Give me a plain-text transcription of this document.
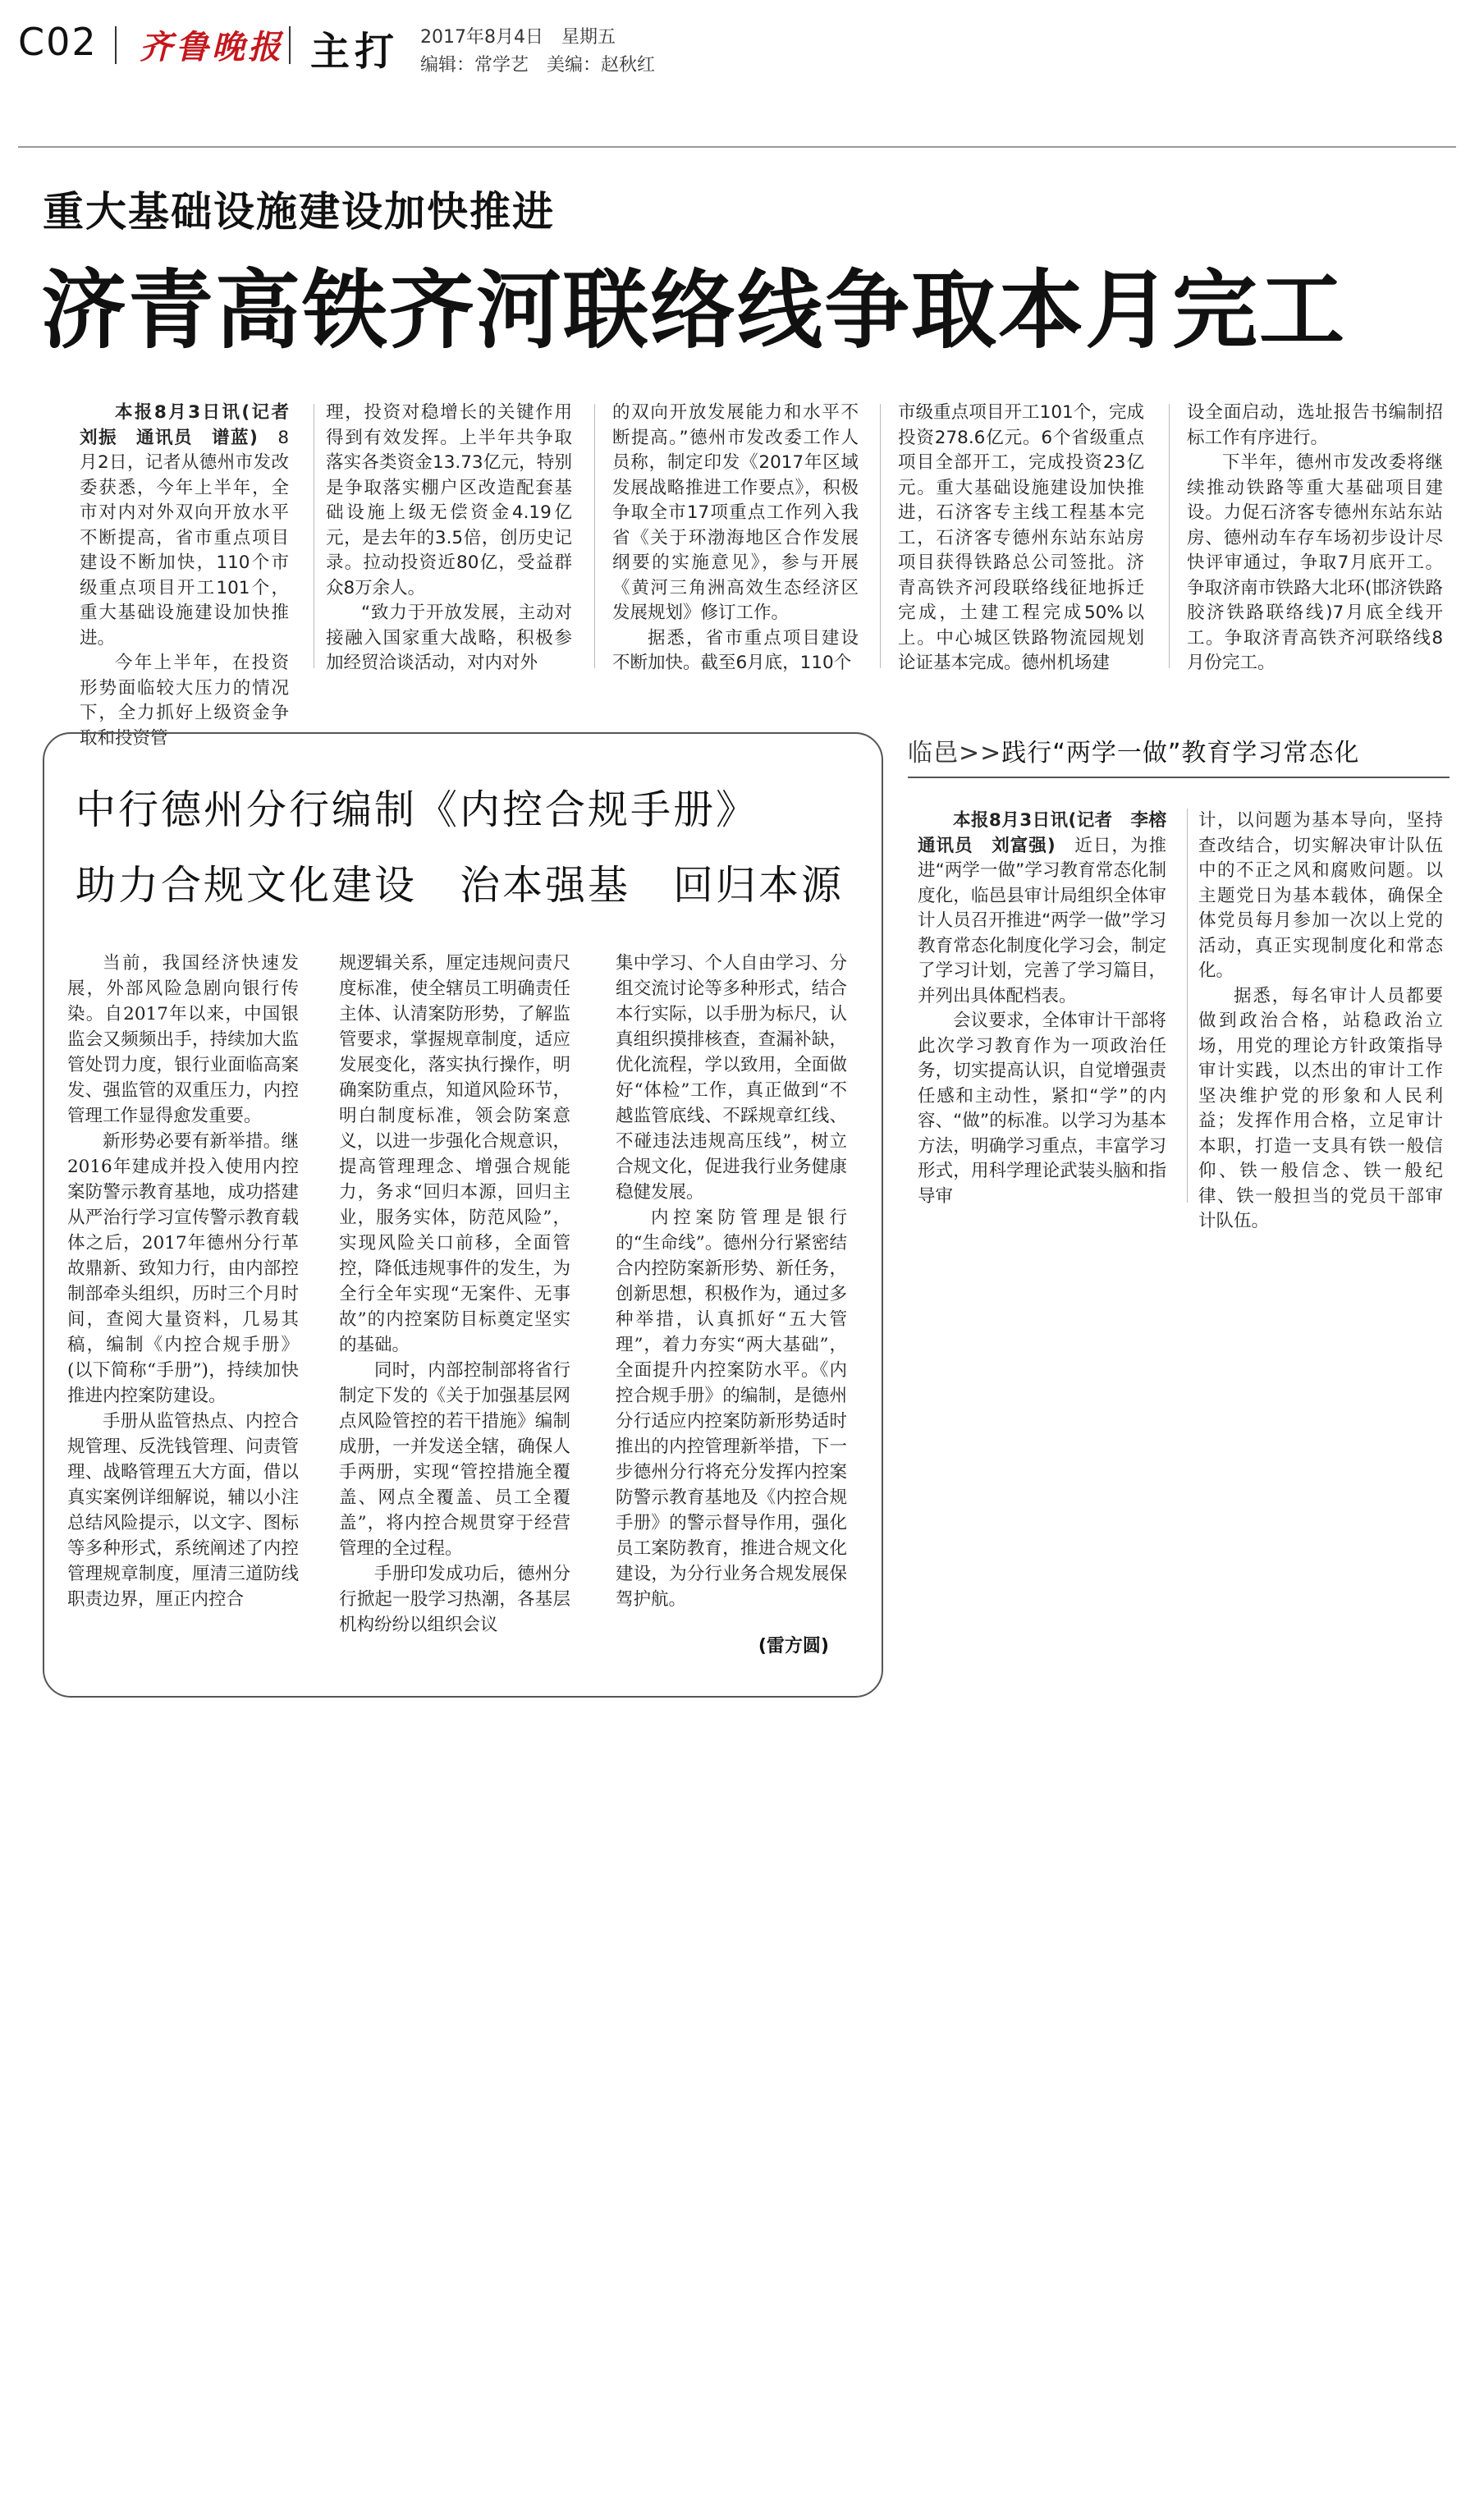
C02 齐鲁晚报 主打 2017年8月4日　星期五
编辑：常学艺　美编：赵秋红
重大基础设施建设加快推进
济青高铁齐河联络线争取本月完工

本报8月3日讯(记者　刘振　通讯员　谱蓝)　 8月2日，记者从德州市发改委获悉，今年上半年，全市对内对外双向开放水平不断提高，省市重点项目建设不断加快，110个市级重点项目开工101个，重大基础设施建设加快推进。

今年上半年，在投资形势面临较大压力的情况下，全力抓好上级资金争取和投资管

理，投资对稳增长的关键作用得到有效发挥。上半年共争取落实各类资金13.73亿元，特别是争取落实棚户区改造配套基础设施上级无偿资金4.19亿元，是去年的3.5倍，创历史记录。拉动投资近80亿，受益群众8万余人。

“致力于开放发展，主动对接融入国家重大战略，积极参加经贸洽谈活动，对内对外

的双向开放发展能力和水平不断提高。”德州市发改委工作人员称，制定印发《2017年区域发展战略推进工作要点》，积极争取全市17项重点工作列入我省《关于环渤海地区合作发展纲要的实施意见》，参与开展《黄河三角洲高效生态经济区发展规划》修订工作。

据悉，省市重点项目建设不断加快。截至6月底，110个

市级重点项目开工101个，完成投资278.6亿元。6个省级重点项目全部开工，完成投资23亿元。重大基础设施建设加快推进，石济客专主线工程基本完工，石济客专德州东站东站房项目获得铁路总公司签批。济青高铁齐河段联络线征地拆迁完成，土建工程完成50%以上。中心城区铁路物流园规划论证基本完成。德州机场建

设全面启动，选址报告书编制招标工作有序进行。

下半年，德州市发改委将继续推动铁路等重大基础项目建设。力促石济客专德州东站东站房、德州动车存车场初步设计尽快评审通过，争取7月底开工。争取济南市铁路大北环(邯济铁路胶济铁路联络线)7月底全线开工。争取济青高铁齐河联络线8月份完工。

中行德州分行编制《内控合规手册》
助力合规文化建设　治本强基　回归本源

当前，我国经济快速发展，外部风险急剧向银行传染。自2017年以来，中国银监会又频频出手，持续加大监管处罚力度，银行业面临高案发、强监管的双重压力，内控管理工作显得愈发重要。

新形势必要有新举措。继2016年建成并投入使用内控案防警示教育基地，成功搭建从严治行学习宣传警示教育载体之后，2017年德州分行革故鼎新、致知力行，由内部控制部牵头组织，历时三个月时间，查阅大量资料，几易其稿，编制《内控合规手册》(以下简称“手册”)，持续加快推进内控案防建设。

手册从监管热点、内控合规管理、反洗钱管理、问责管理、战略管理五大方面，借以真实案例详细解说，辅以小注总结风险提示，以文字、图标等多种形式，系统阐述了内控管理规章制度，厘清三道防线职责边界，厘正内控合

规逻辑关系，厘定违规问责尺度标准，使全辖员工明确责任主体、认清案防形势，了解监管要求，掌握规章制度，适应发展变化，落实执行操作，明确案防重点，知道风险环节，明白制度标准，领会防案意义，以进一步强化合规意识，提高管理理念、增强合规能力，务求“回归本源，回归主业，服务实体，防范风险”，实现风险关口前移，全面管控，降低违规事件的发生，为全行全年实现“无案件、无事故”的内控案防目标奠定坚实的基础。

同时，内部控制部将省行制定下发的《关于加强基层网点风险管控的若干措施》编制成册，一并发送全辖，确保人手两册，实现“管控措施全覆盖、网点全覆盖、员工全覆盖”，将内控合规贯穿于经营管理的全过程。

手册印发成功后，德州分行掀起一股学习热潮，各基层机构纷纷以组织会议

集中学习、个人自由学习、分组交流讨论等多种形式，结合本行实际，以手册为标尺，认真组织摸排核查，查漏补缺，优化流程，学以致用，全面做好“体检”工作，真正做到“不越监管底线、不踩规章红线、不碰违法违规高压线”，树立合规文化，促进我行业务健康稳健发展。

内控案防管理是银行的“生命线”。德州分行紧密结合内控防案新形势、新任务，创新思想，积极作为，通过多种举措，认真抓好“五大管理”，着力夯实“两大基础”，全面提升内控案防水平。《内控合规手册》的编制，是德州分行适应内控案防新形势适时推出的内控管理新举措，下一步德州分行将充分发挥内控案防警示教育基地及《内控合规手册》的警示督导作用，强化员工案防教育，推进合规文化建设，为分行业务合规发展保驾护航。

(雷方圆)
临邑>>践行“两学一做”教育学习常态化

本报8月3日讯(记者　李榕　通讯员　刘富强)　 近日，为推进“两学一做”学习教育常态化制度化，临邑县审计局组织全体审计人员召开推进“两学一做”学习教育常态化制度化学习会，制定了学习计划，完善了学习篇目，并列出具体配档表。

会议要求，全体审计干部将此次学习教育作为一项政治任务，切实提高认识，自觉增强责任感和主动性，紧扣“学”的内容、“做”的标准。以学习为基本方法，明确学习重点，丰富学习形式，用科学理论武装头脑和指导审

计，以问题为基本导向，坚持查改结合，切实解决审计队伍中的不正之风和腐败问题。以主题党日为基本载体，确保全体党员每月参加一次以上党的活动，真正实现制度化和常态化。

据悉，每名审计人员都要做到政治合格，站稳政治立场，用党的理论方针政策指导审计实践，以杰出的审计工作坚决维护党的形象和人民利益；发挥作用合格，立足审计本职，打造一支具有铁一般信仰、铁一般信念、铁一般纪律、铁一般担当的党员干部审计队伍。
